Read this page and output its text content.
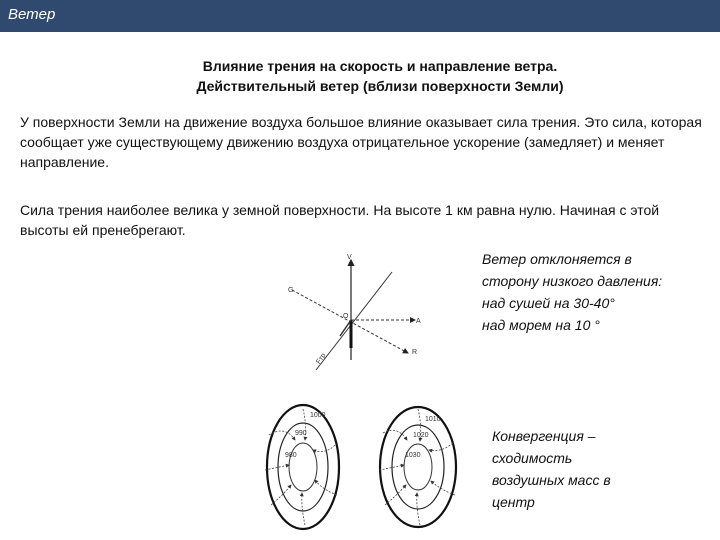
Ветер
Влияние трения на скорость и направление ветра.
Действительный ветер (вблизи поверхности Земли)
У поверхности Земли на движение воздуха большое влияние оказывает сила трения. Это сила, которая сообщает уже существующему движению воздуха отрицательное ускорение (замедляет) и меняет направление.
Сила трения наиболее велика у земной поверхности. На высоте 1 км равна нулю. Начиная с этой высоты ей пренебрегают.
Ветер отклоняется в
сторону низкого давления:
над сушей на 30-40°
над морем на 10 °
Конвергенция –
сходимость
воздушных масс в
центр
V
G
A
R
Fтр
O
1000
990
980
1010
1020
1030
